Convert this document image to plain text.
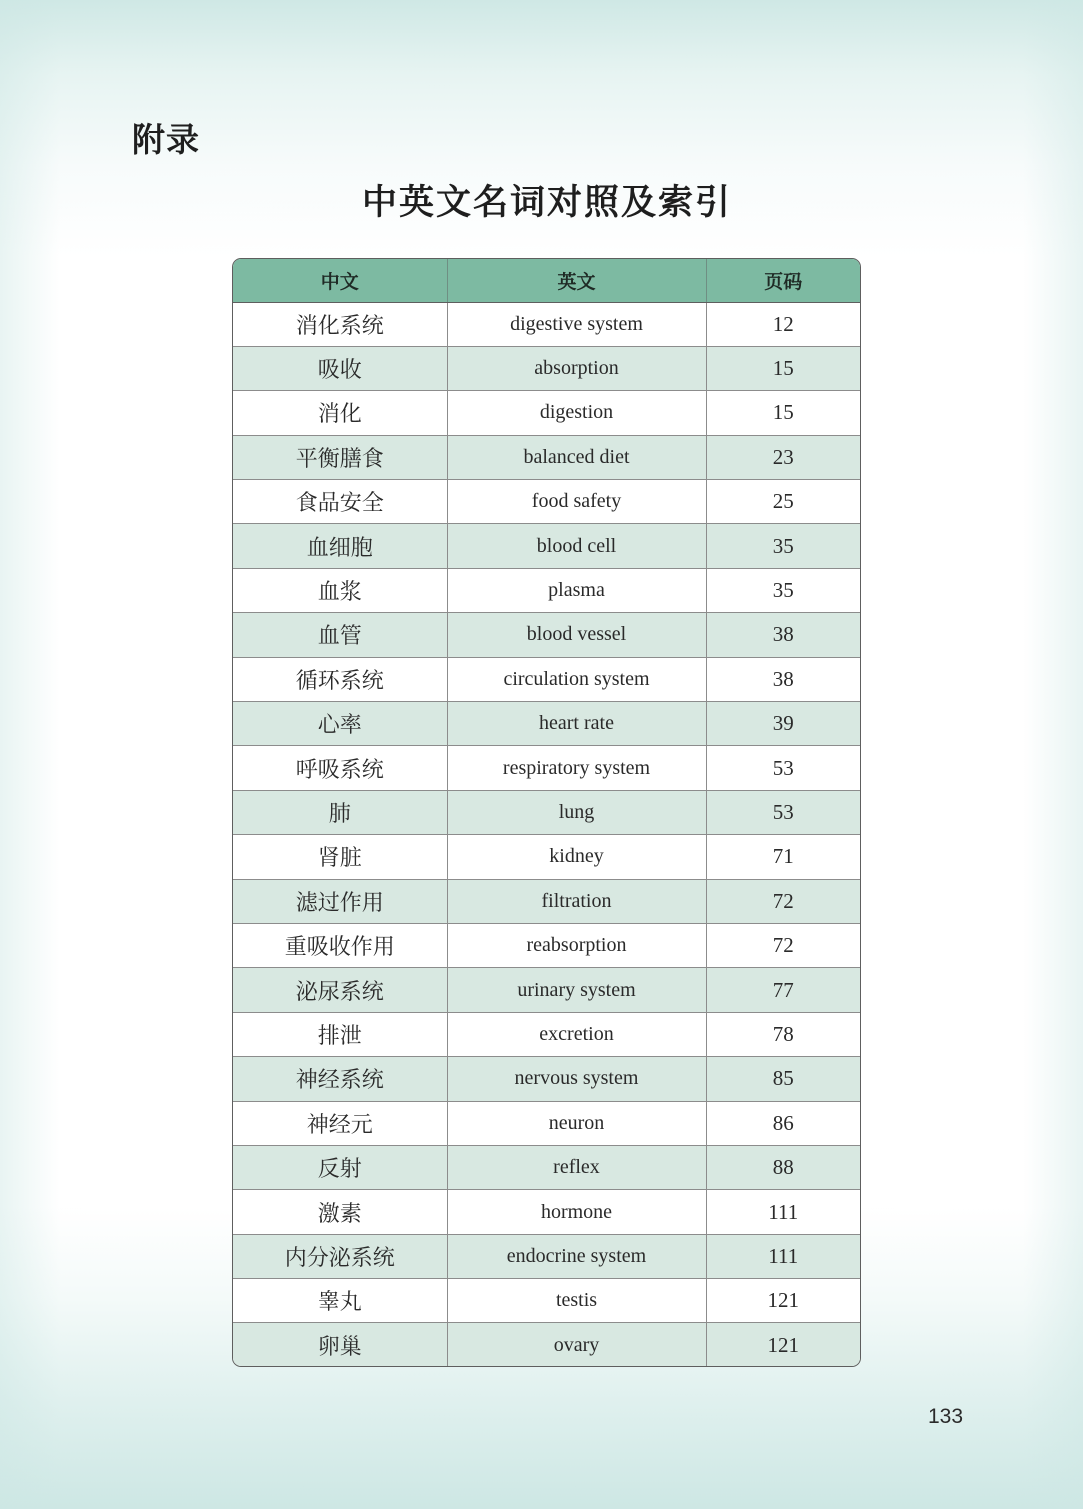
附录
中英文名词对照及索引
中文	英文	页码
消化系统	digestive system	12
吸收	absorption	15
消化	digestion	15
平衡膳食	balanced diet	23
食品安全	food safety	25
血细胞	blood cell	35
血浆	plasma	35
血管	blood vessel	38
循环系统	circulation system	38
心率	heart rate	39
呼吸系统	respiratory system	53
肺	lung	53
肾脏	kidney	71
滤过作用	filtration	72
重吸收作用	reabsorption	72
泌尿系统	urinary system	77
排泄	excretion	78
神经系统	nervous system	85
神经元	neuron	86
反射	reflex	88
激素	hormone	111
内分泌系统	endocrine system	111
睾丸	testis	121
卵巢	ovary	121
133
